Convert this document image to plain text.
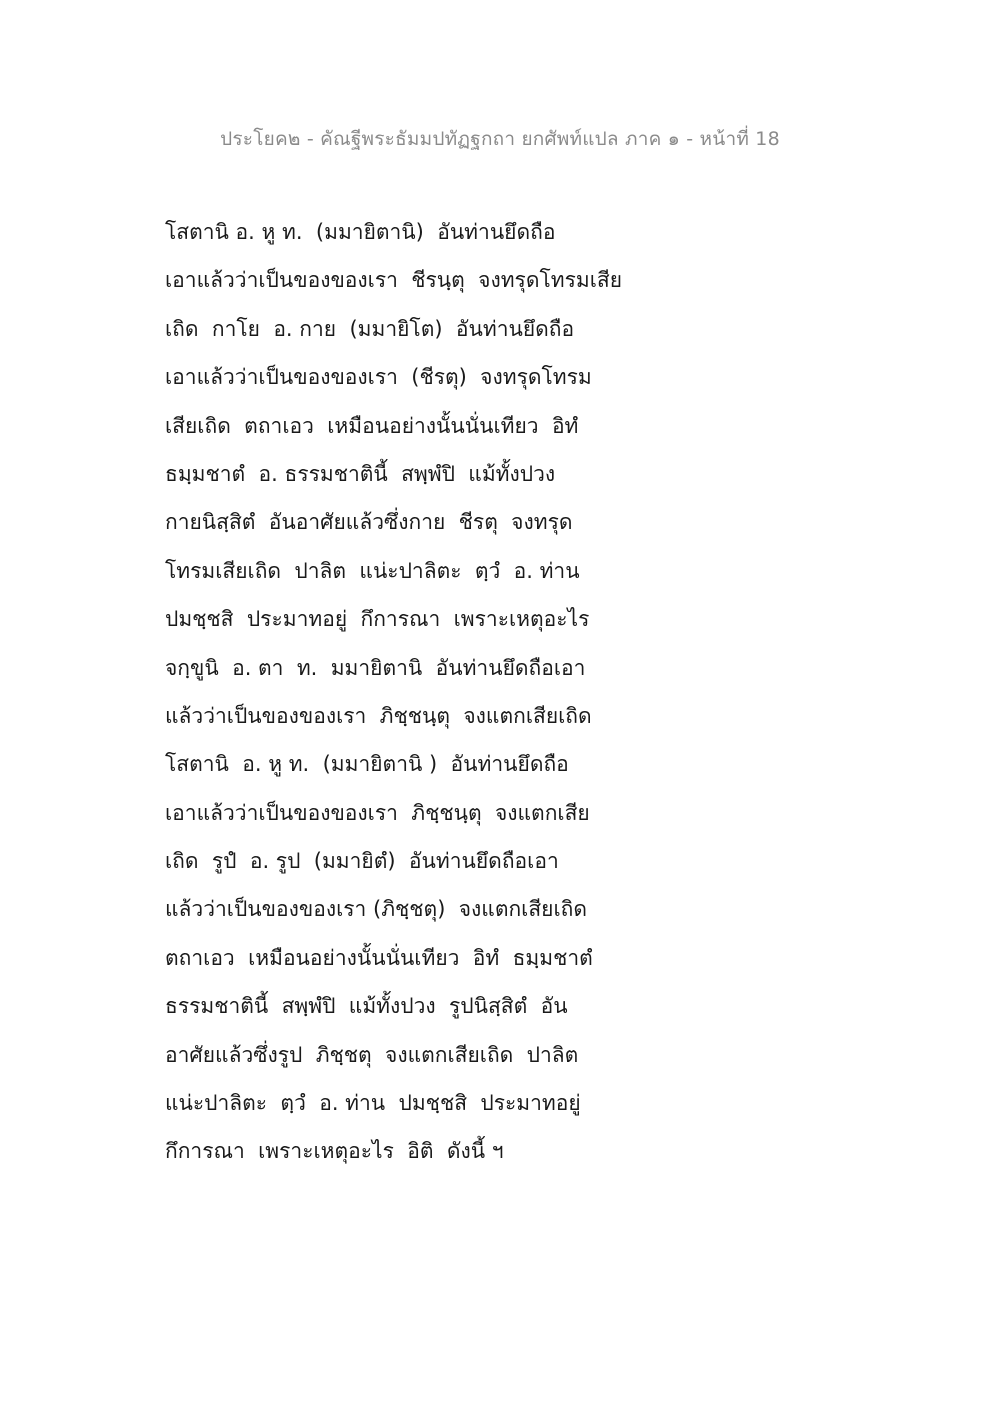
ประโยค๒ - คัณฐีพระธัมมปทัฏฐกถา ยกศัพท์แปล ภาค ๑ - หน้าที่ 18
โสตานิ อ. หู ท.  (มมายิตานิ)  อันท่านยึดถือ
เอาแล้วว่าเป็นของของเรา  ชีรนฺตุ  จงทรุดโทรมเสีย
เถิด  กาโย  อ. กาย  (มมายิโต)  อันท่านยึดถือ
เอาแล้วว่าเป็นของของเรา  (ชีรตุ)  จงทรุดโทรม
เสียเถิด  ตถาเอว  เหมือนอย่างนั้นนั่นเทียว  อิทํ
ธมฺมชาตํ  อ. ธรรมชาตินี้  สพฺพํปิ  แม้ทั้งปวง
กายนิสฺสิตํ  อันอาศัยแล้วซึ่งกาย  ชีรตุ  จงทรุด
โทรมเสียเถิด  ปาลิต  แน่ะปาลิตะ  ตฺวํ  อ. ท่าน
ปมชฺชสิ  ประมาทอยู่  กึการณา  เพราะเหตุอะไร
จกฺขูนิ  อ. ตา  ท.  มมายิตานิ  อันท่านยึดถือเอา
แล้วว่าเป็นของของเรา  ภิชฺชนฺตุ  จงแตกเสียเถิด
โสตานิ  อ. หู ท.  (มมายิตานิ )  อันท่านยึดถือ
เอาแล้วว่าเป็นของของเรา  ภิชฺชนฺตุ  จงแตกเสีย
เถิด  รูปํ  อ. รูป  (มมายิตํ)  อันท่านยึดถือเอา
แล้วว่าเป็นของของเรา (ภิชฺชตุ)  จงแตกเสียเถิด
ตถาเอว  เหมือนอย่างนั้นนั่นเทียว  อิทํ  ธมฺมชาตํ
ธรรมชาตินี้  สพฺพํปิ  แม้ทั้งปวง  รูปนิสฺสิตํ  อัน
อาศัยแล้วซึ่งรูป  ภิชฺชตุ  จงแตกเสียเถิด  ปาลิต
แน่ะปาลิตะ  ตฺวํ  อ. ท่าน  ปมชฺชสิ  ประมาทอยู่
กึการณา  เพราะเหตุอะไร  อิติ  ดังนี้ ฯ
